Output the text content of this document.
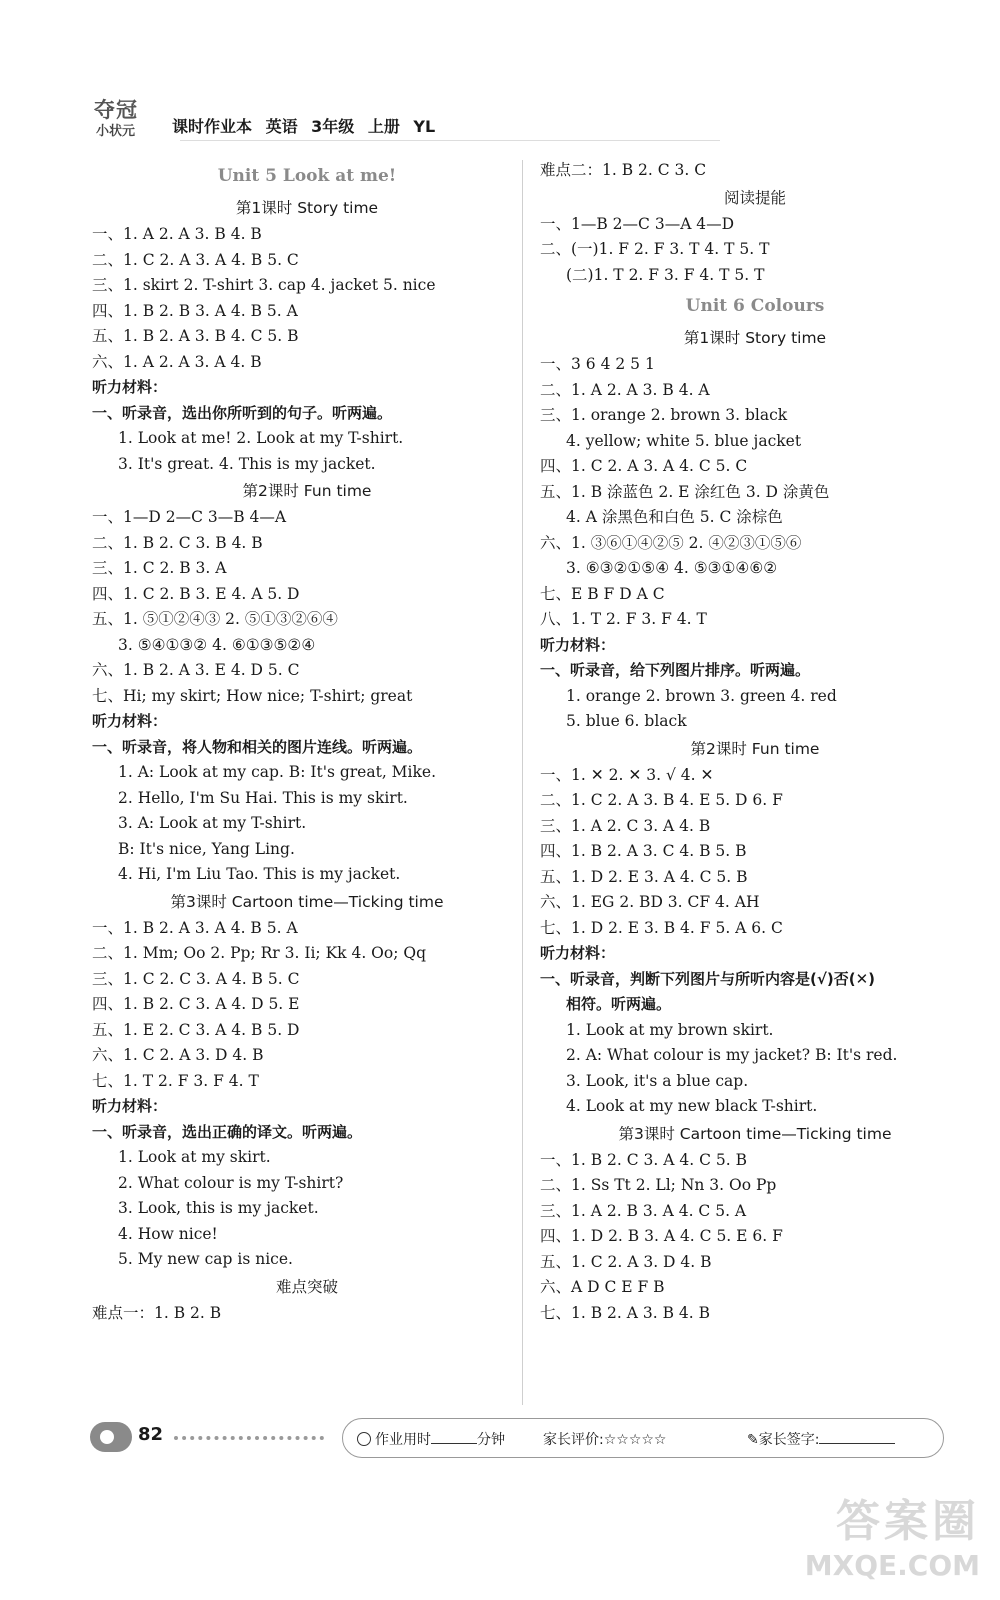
夺冠
小状元 课时作业本 英语 3年级 上册 YL
Unit 5 Look at me!
第1课时 Story time
一、1. A 2. A 3. B 4. B
二、1. C 2. A 3. A 4. B 5. C
三、1. skirt 2. T-shirt 3. cap 4. jacket 5. nice
四、1. B 2. B 3. A 4. B 5. A
五、1. B 2. A 3. B 4. C 5. B
六、1. A 2. A 3. A 4. B
听力材料：
一、听录音，选出你所听到的句子。听两遍。
1. Look at me! 2. Look at my T-shirt.
3. It's great. 4. This is my jacket.
第2课时 Fun time
一、1—D 2—C 3—B 4—A
二、1. B 2. C 3. B 4. B
三、1. C 2. B 3. A
四、1. C 2. B 3. E 4. A 5. D
五、1. ⑤①②④③ 2. ⑤①③②⑥④
3. ⑤④①③② 4. ⑥①③⑤②④
六、1. B 2. A 3. E 4. D 5. C
七、Hi; my skirt; How nice; T-shirt; great
听力材料：
一、听录音，将人物和相关的图片连线。听两遍。
1. A: Look at my cap. B: It's great, Mike.
2. Hello, I'm Su Hai. This is my skirt.
3. A: Look at my T-shirt.
B: It's nice, Yang Ling.
4. Hi, I'm Liu Tao. This is my jacket.
第3课时 Cartoon time—Ticking time
一、1. B 2. A 3. A 4. B 5. A
二、1. Mm; Oo 2. Pp; Rr 3. Ii; Kk 4. Oo; Qq
三、1. C 2. C 3. A 4. B 5. C
四、1. B 2. C 3. A 4. D 5. E
五、1. E 2. C 3. A 4. B 5. D
六、1. C 2. A 3. D 4. B
七、1. T 2. F 3. F 4. T
听力材料：
一、听录音，选出正确的译文。听两遍。
1. Look at my skirt.
2. What colour is my T-shirt?
3. Look, this is my jacket.
4. How nice!
5. My new cap is nice.
难点突破
难点一：1. B 2. B
难点二：1. B 2. C 3. C
阅读提能
一、1—B 2—C 3—A 4—D
二、(一)1. F 2. F 3. T 4. T 5. T
(二)1. T 2. F 3. F 4. T 5. T
Unit 6 Colours
第1课时 Story time
一、3 6 4 2 5 1
二、1. A 2. A 3. B 4. A
三、1. orange 2. brown 3. black
4. yellow; white 5. blue jacket
四、1. C 2. A 3. A 4. C 5. C
五、1. B 涂蓝色 2. E 涂红色 3. D 涂黄色
4. A 涂黑色和白色 5. C 涂棕色
六、1. ③⑥①④②⑤ 2. ④②③①⑤⑥
3. ⑥③②①⑤④ 4. ⑤③①④⑥②
七、E B F D A C
八、1. T 2. F 3. F 4. T
听力材料：
一、听录音，给下列图片排序。听两遍。
1. orange 2. brown 3. green 4. red
5. blue 6. black
第2课时 Fun time
一、1. ✕ 2. ✕ 3. √ 4. ✕
二、1. C 2. A 3. B 4. E 5. D 6. F
三、1. A 2. C 3. A 4. B
四、1. B 2. A 3. C 4. B 5. B
五、1. D 2. E 3. A 4. C 5. B
六、1. EG 2. BD 3. CF 4. AH
七、1. D 2. E 3. B 4. F 5. A 6. C
听力材料：
一、听录音，判断下列图片与所听内容是(√)否(✕)
相符。听两遍。
1. Look at my brown skirt.
2. A: What colour is my jacket? B: It's red.
3. Look, it's a blue cap.
4. Look at my new black T-shirt.
第3课时 Cartoon time—Ticking time
一、1. B 2. C 3. A 4. C 5. B
二、1. Ss Tt 2. Ll; Nn 3. Oo Pp
三、1. A 2. B 3. A 4. C 5. A
四、1. D 2. B 3. A 4. C 5. E 6. F
五、1. C 2. A 3. D 4. B
六、A D C E F B
七、1. B 2. A 3. B 4. B
82	作业用时	分钟	家长评价:☆☆☆☆☆	✎家长签字:
答案圈
MXQE.COM
